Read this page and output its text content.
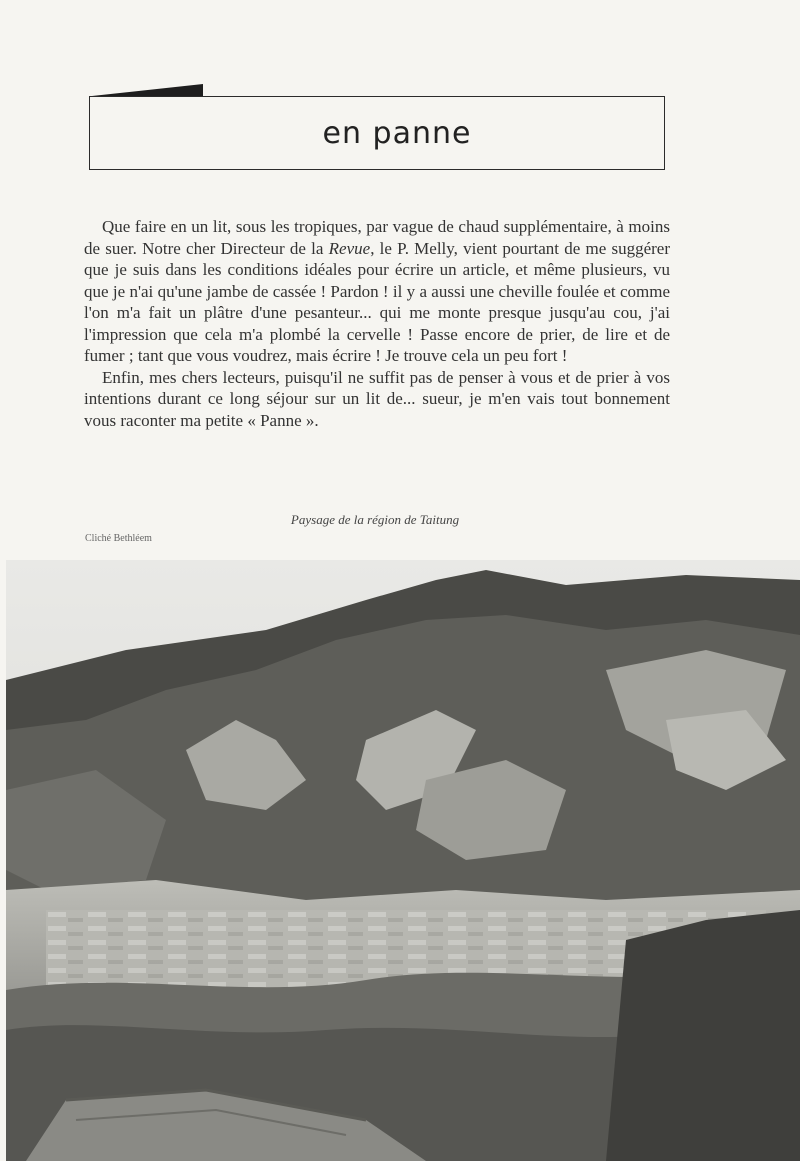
en panne

Que faire en un lit, sous les tropiques, par vague de chaud supplémentaire, à moins de suer. Notre cher Directeur de la Revue, le P. Melly, vient pourtant de me suggérer que je suis dans les conditions idéales pour écrire un article, et même plusieurs, vu que je n'ai qu'une jambe de cassée ! Pardon ! il y a aussi une cheville foulée et comme l'on m'a fait un plâtre d'une pesanteur... qui me monte presque jusqu'au cou, j'ai l'impression que cela m'a plombé la cervelle ! Passe encore de prier, de lire et de fumer ; tant que vous voudrez, mais écrire ! Je trouve cela un peu fort !

Enfin, mes chers lecteurs, puisqu'il ne suffit pas de penser à vous et de prier à vos intentions durant ce long séjour sur un lit de... sueur, je m'en vais tout bonnement vous raconter ma petite « Panne ».

Paysage de la région de Taitung
Cliché Bethléem
